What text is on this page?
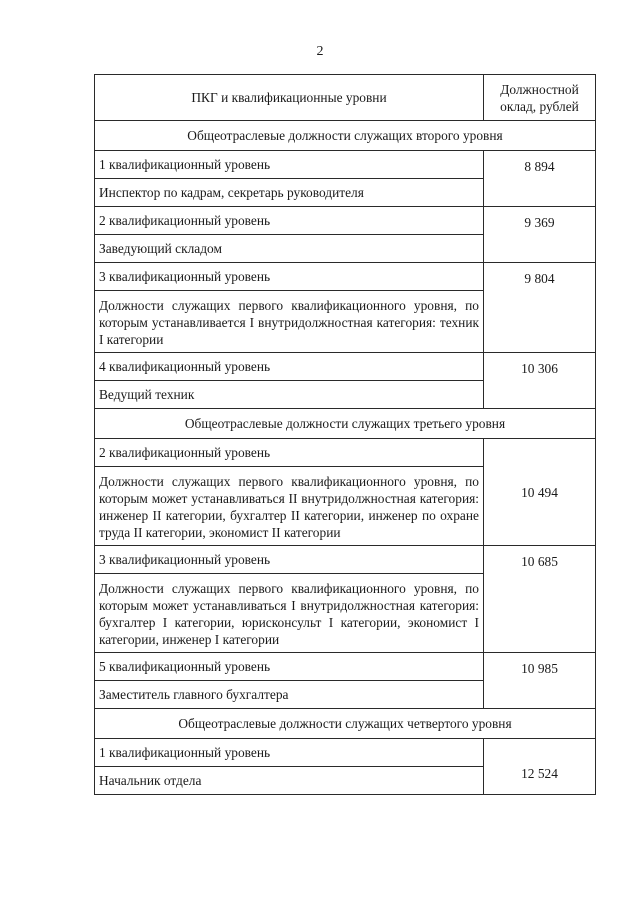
2
ПКГ и квалификационные уровни	Должностной
оклад, рублей
Общеотраслевые должности служащих второго уровня	
1 квалификационный уровень	8 894
Инспектор по кадрам, секретарь руководителя	
2 квалификационный уровень	9 369
Заведующий складом	
3 квалификационный уровень	9 804
Должности служащих первого квалификационного уровня, по которым устанавливается I внутридолжностная категория: техник I категории	
4 квалификационный уровень	10 306
Ведущий техник	
Общеотраслевые должности служащих третьего уровня	
2 квалификационный уровень	10 494
Должности служащих первого квалификационного уровня, по которым может устанавливаться II внутридолжностная категория: инженер II категории, бухгалтер II категории, инженер по охране труда II категории, экономист II категории	
3 квалификационный уровень	10 685
Должности служащих первого квалификационного уровня, по которым может устанавливаться I внутридолжностная категория: бухгалтер I категории, юрисконсульт I категории, экономист I категории, инженер I категории	
5 квалификационный уровень	10 985
Заместитель главного бухгалтера	
Общеотраслевые должности служащих четвертого уровня	
1 квалификационный уровень	12 524
Начальник отдела	
